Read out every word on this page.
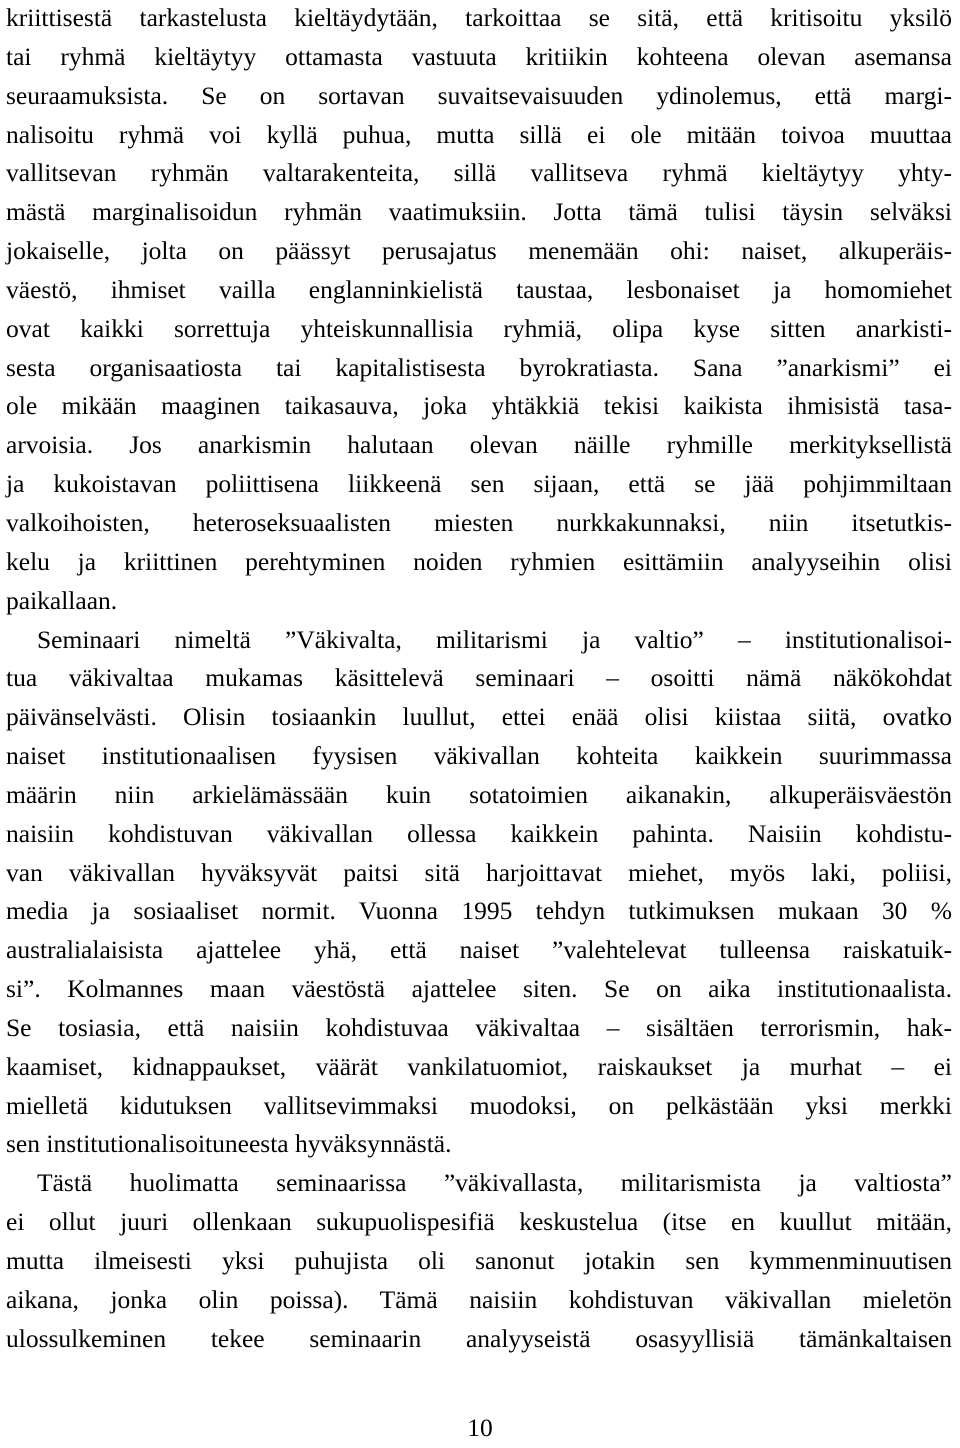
kriittisestä tarkastelusta kieltäydytään, tarkoittaa se sitä, että kritisoitu yksilö
tai ryhmä kieltäytyy ottamasta vastuuta kritiikin kohteena olevan asemansa
seuraamuksista. Se on sortavan suvaitsevaisuuden ydinolemus, että margi-
nalisoitu ryhmä voi kyllä puhua, mutta sillä ei ole mitään toivoa muuttaa
vallitsevan ryhmän valtarakenteita, sillä vallitseva ryhmä kieltäytyy yhty-
mästä marginalisoidun ryhmän vaatimuksiin. Jotta tämä tulisi täysin selväksi
jokaiselle, jolta on päässyt perusajatus menemään ohi: naiset, alkuperäis-
väestö, ihmiset vailla englanninkielistä taustaa, lesbonaiset ja homomiehet
ovat kaikki sorrettuja yhteiskunnallisia ryhmiä, olipa kyse sitten anarkisti-
sesta organisaatiosta tai kapitalistisesta byrokratiasta. Sana ”anarkismi” ei
ole mikään maaginen taikasauva, joka yhtäkkiä tekisi kaikista ihmisistä tasa-
arvoisia. Jos anarkismin halutaan olevan näille ryhmille merkityksellistä
ja kukoistavan poliittisena liikkeenä sen sijaan, että se jää pohjimmiltaan
valkoihoisten, heteroseksuaalisten miesten nurkkakunnaksi, niin itsetutkis-
kelu ja kriittinen perehtyminen noiden ryhmien esittämiin analyyseihin olisi
paikallaan.
Seminaari nimeltä ”Väkivalta, militarismi ja valtio” – institutionalisoi-
tua väkivaltaa mukamas käsittelevä seminaari – osoitti nämä näkökohdat
päivänselvästi. Olisin tosiaankin luullut, ettei enää olisi kiistaa siitä, ovatko
naiset institutionaalisen fyysisen väkivallan kohteita kaikkein suurimmassa
määrin niin arkielämässään kuin sotatoimien aikanakin, alkuperäisväestön
naisiin kohdistuvan väkivallan ollessa kaikkein pahinta. Naisiin kohdistu-
van väkivallan hyväksyvät paitsi sitä harjoittavat miehet, myös laki, poliisi,
media ja sosiaaliset normit. Vuonna 1995 tehdyn tutkimuksen mukaan 30 %
australialaisista ajattelee yhä, että naiset ”valehtelevat tulleensa raiskatuik-
si”. Kolmannes maan väestöstä ajattelee siten. Se on aika institutionaalista.
Se tosiasia, että naisiin kohdistuvaa väkivaltaa – sisältäen terrorismin, hak-
kaamiset, kidnappaukset, väärät vankilatuomiot, raiskaukset ja murhat – ei
mielletä kidutuksen vallitsevimmaksi muodoksi, on pelkästään yksi merkki
sen institutionalisoituneesta hyväksynnästä.
Tästä huolimatta seminaarissa ”väkivallasta, militarismista ja valtiosta”
ei ollut juuri ollenkaan sukupuolispesifiä keskustelua (itse en kuullut mitään,
mutta ilmeisesti yksi puhujista oli sanonut jotakin sen kymmenminuutisen
aikana, jonka olin poissa). Tämä naisiin kohdistuvan väkivallan mieletön
ulossulkeminen tekee seminaarin analyyseistä osasyyllisiä tämänkaltaisen
10
